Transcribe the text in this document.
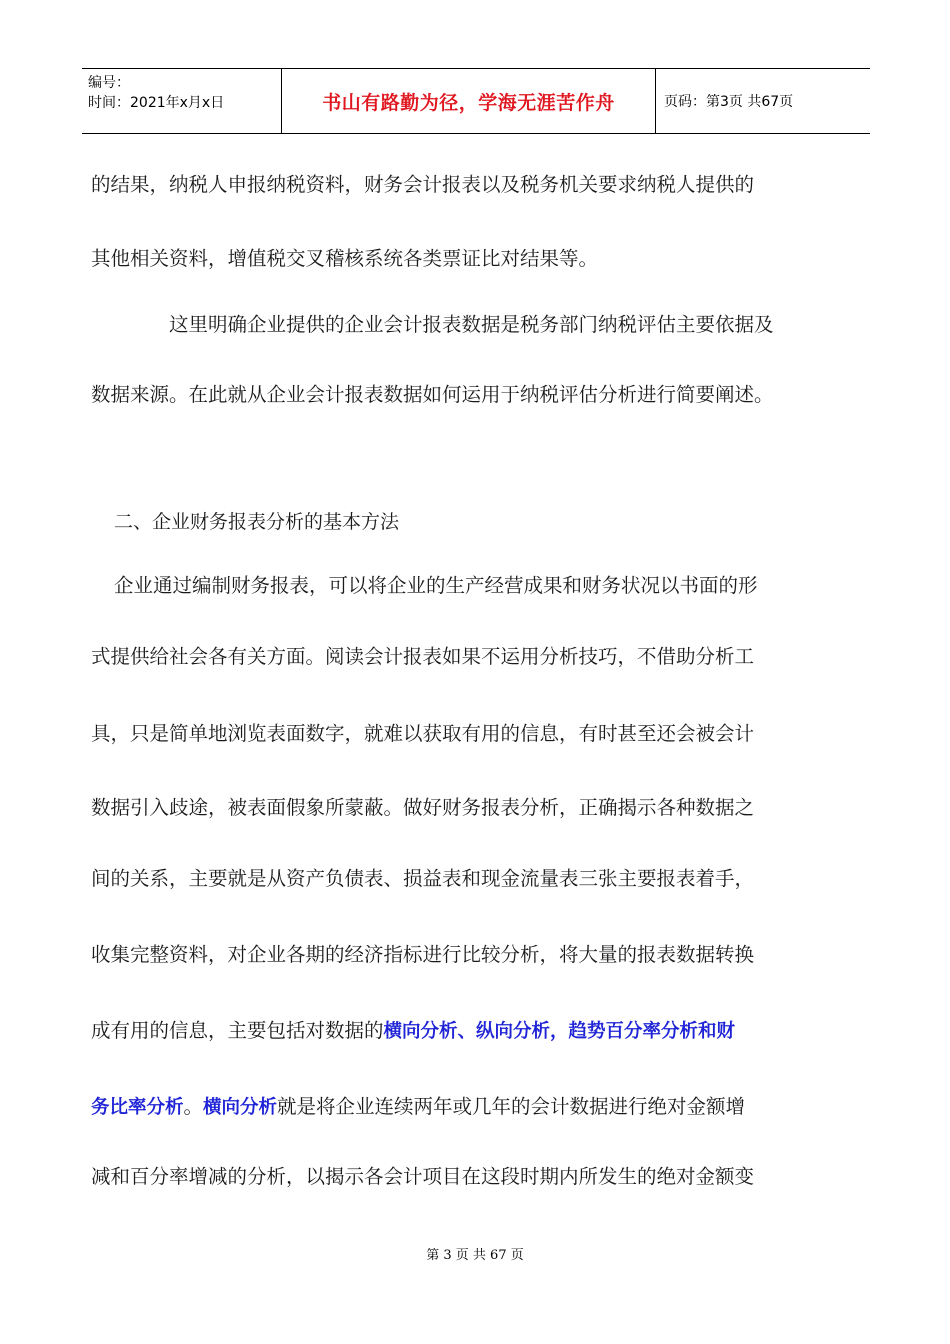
编号：
时间：2021年x月x日	书山有路勤为径，学海无涯苦作舟	页码：第3页 共67页
的结果，纳税人申报纳税资料，财务会计报表以及税务机关要求纳税人提供的
其他相关资料，增值税交叉稽核系统各类票证比对结果等。
这里明确企业提供的企业会计报表数据是税务部门纳税评估主要依据及
数据来源。在此就从企业会计报表数据如何运用于纳税评估分析进行简要阐述。
二、企业财务报表分析的基本方法
企业通过编制财务报表，可以将企业的生产经营成果和财务状况以书面的形
式提供给社会各有关方面。阅读会计报表如果不运用分析技巧，不借助分析工
具，只是简单地浏览表面数字，就难以获取有用的信息，有时甚至还会被会计
数据引入歧途，被表面假象所蒙蔽。做好财务报表分析，正确揭示各种数据之
间的关系，主要就是从资产负债表、损益表和现金流量表三张主要报表着手，
收集完整资料，对企业各期的经济指标进行比较分析，将大量的报表数据转换
成有用的信息，主要包括对数据的横向分析、纵向分析，趋势百分率分析和财
务比率分析。横向分析就是将企业连续两年或几年的会计数据进行绝对金额增
减和百分率增减的分析，以揭示各会计项目在这段时期内所发生的绝对金额变
第 3 页 共 67 页
